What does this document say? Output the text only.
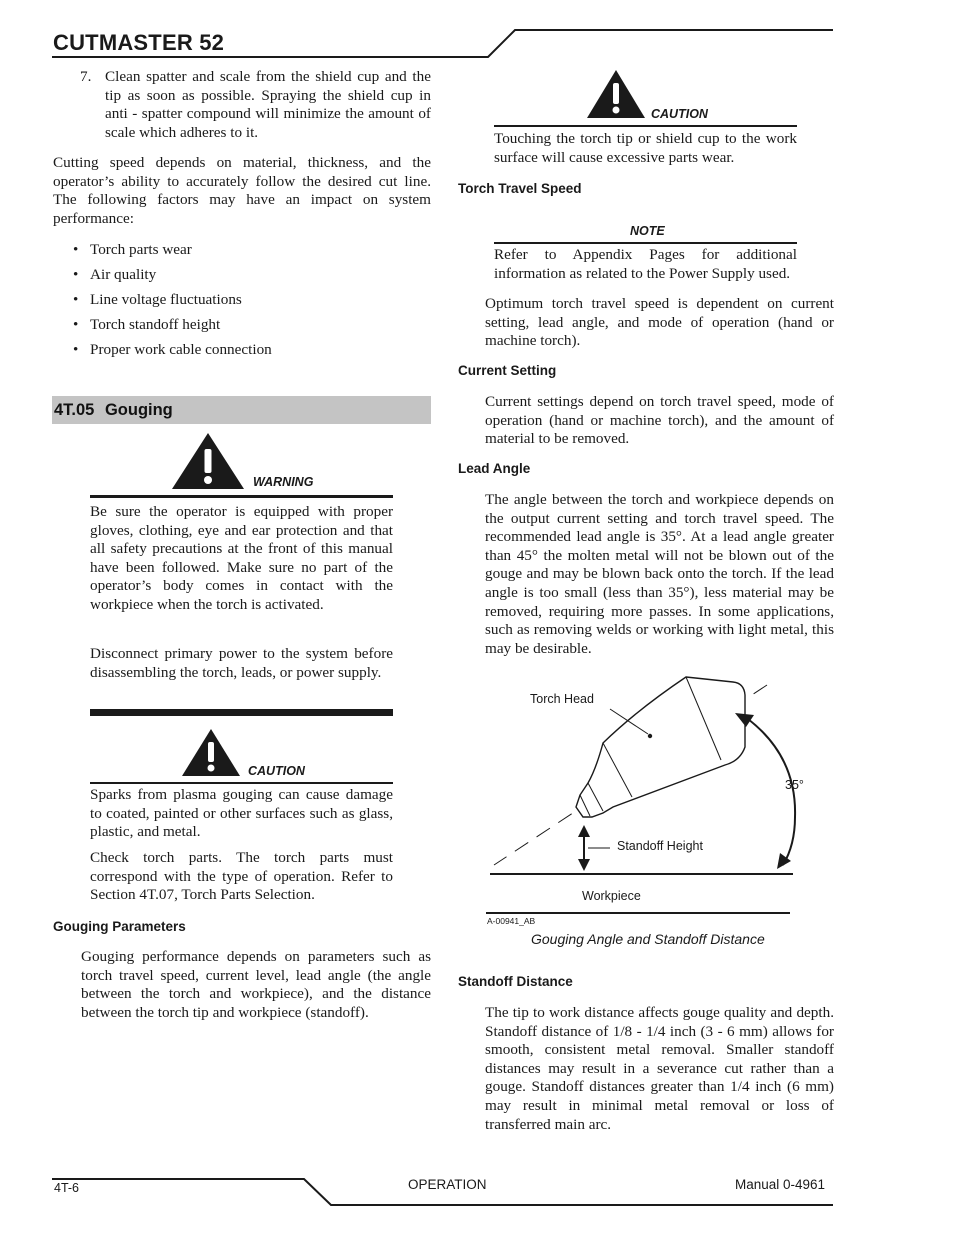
CUTMASTER 52
7. Clean spatter and scale from the shield cup and the tip as soon as possible. Spraying the shield cup in anti - spatter compound will minimize the amount of scale which adheres to it.

Cutting speed depends on material, thickness, and the operator’s ability to accurately follow the desired cut line. The following factors may have an impact on system performance:

• Torch parts wear
• Air quality
• Line voltage fluctuations
• Torch standoff height
• Proper work cable connection
4T.05 Gouging
WARNING

Be sure the operator is equipped with proper gloves, clothing, eye and ear protection and that all safety precautions at the front of this manual have been followed. Make sure no part of the operator’s body comes in contact with the workpiece when the torch is activated.

Disconnect primary power to the system before disassembling the torch, leads, or power supply.

CAUTION

Sparks from plasma gouging can cause damage to coated, painted or other surfaces such as glass, plastic, and metal.

Check torch parts. The torch parts must correspond with the type of operation. Refer to Section 4T.07, Torch Parts Selection.

Gouging Parameters

Gouging performance depends on parameters such as torch travel speed, current level, lead angle (the angle between the torch and workpiece), and the distance between the torch tip and workpiece (standoff).

CAUTION

Touching the torch tip or shield cup to the work surface will cause excessive parts wear.

Torch Travel Speed
NOTE

Refer to Appendix Pages for additional information as related to the Power Supply used.

Optimum torch travel speed is dependent on current setting, lead angle, and mode of operation (hand or machine torch).

Current Setting

Current settings depend on torch travel speed, mode of operation (hand or machine torch), and the amount of material to be removed.

Lead Angle

The angle between the torch and workpiece depends on the output current setting and torch travel speed. The recommended lead angle is 35°. At a lead angle greater than 45° the molten metal will not be blown out of the gouge and may be blown back onto the torch. If the lead angle is too small (less than 35°), less material may be removed, requiring more passes. In some applications, such as removing welds or working with light metal, this may be desirable.

Torch Head
35°
Standoff Height
Workpiece
A-00941_AB
Gouging Angle and Standoff Distance
Standoff Distance

The tip to work distance affects gouge quality and depth. Standoff distance of 1/8 - 1/4 inch (3 - 6 mm) allows for smooth, consistent metal removal. Smaller standoff distances may result in a severance cut rather than a gouge. Standoff distances greater than 1/4 inch (6 mm) may result in minimal metal removal or loss of transferred main arc.

4T-6	OPERATION	Manual 0-4961
